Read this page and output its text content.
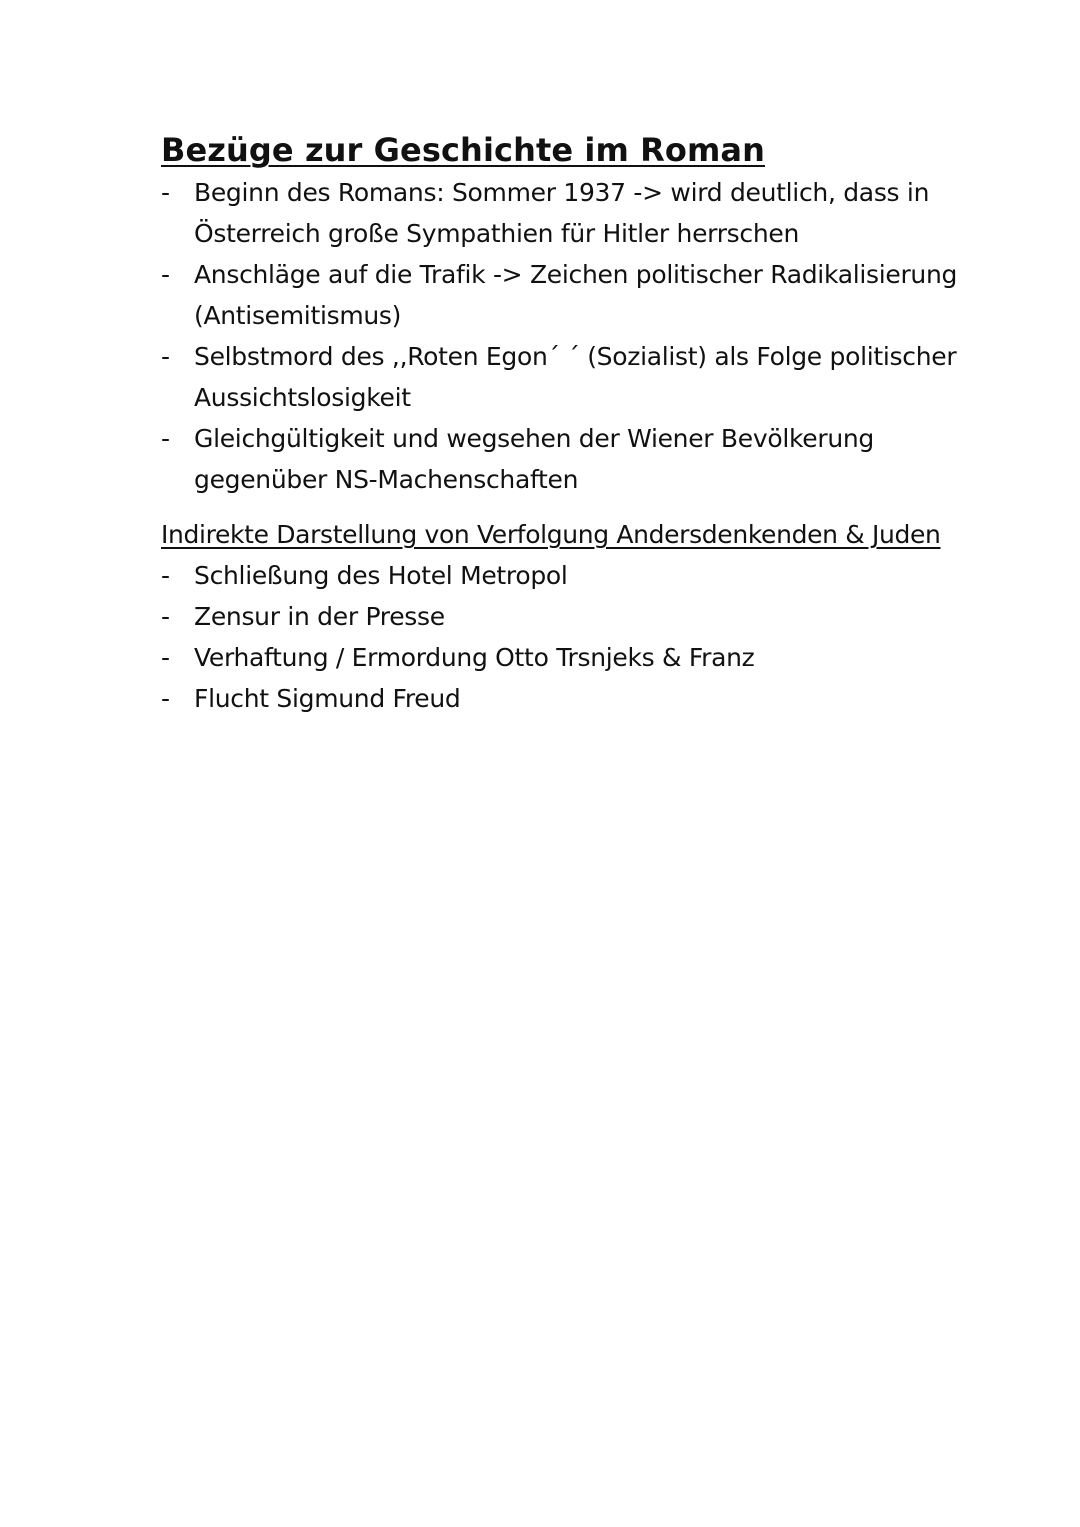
Bezüge zur Geschichte im Roman
- Beginn des Romans: Sommer 1937 -> wird deutlich, dass in Österreich große Sympathien für Hitler herrschen
- Anschläge auf die Trafik -> Zeichen politischer Radikalisierung (Antisemitismus)
- Selbstmord des ,,Roten Egon´ ´ (Sozialist) als Folge politischer Aussichtslosigkeit
- Gleichgültigkeit und wegsehen der Wiener Bevölkerung gegenüber NS-Machenschaften

Indirekte Darstellung von Verfolgung Andersdenkenden & Juden

- Schließung des Hotel Metropol
- Zensur in der Presse
- Verhaftung / Ermordung Otto Trsnjeks & Franz
- Flucht Sigmund Freud
